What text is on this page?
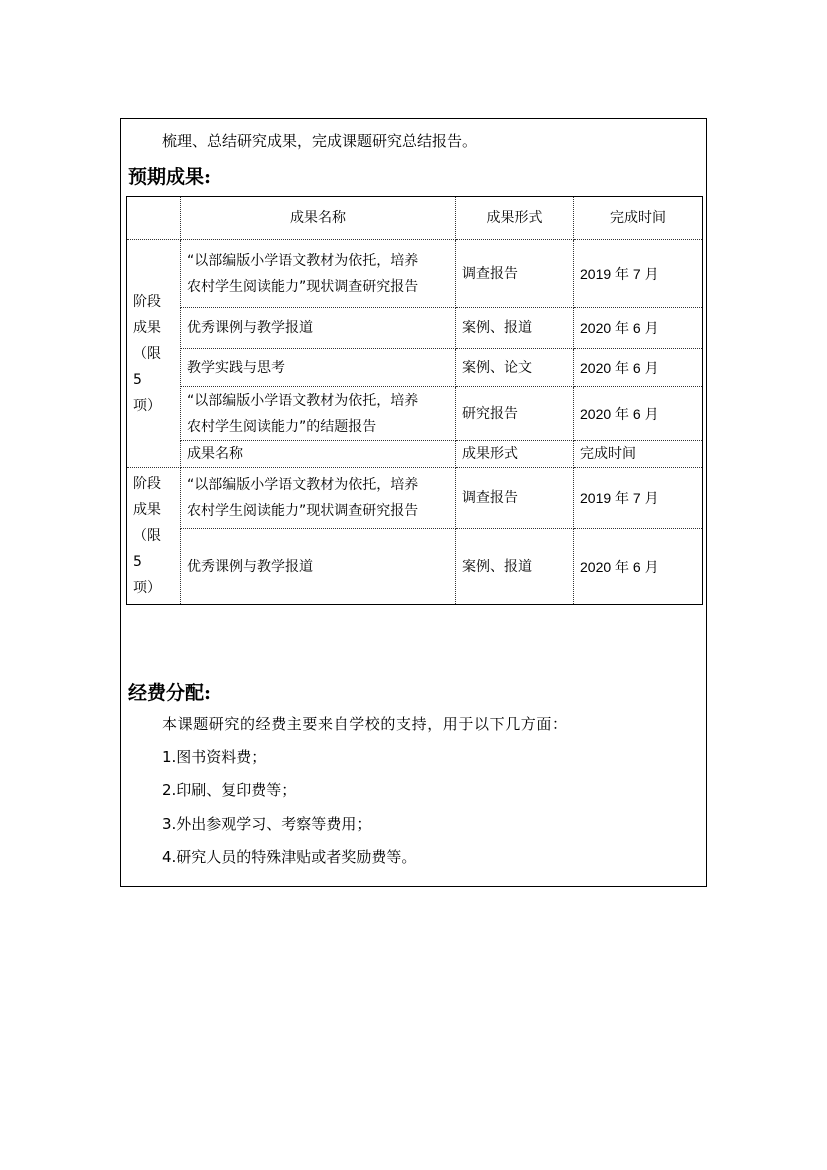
梳理、总结研究成果，完成课题研究总结报告。
预期成果:
	成果名称	成果形式	完成时间
阶段
成果
（限
5
项）	“以部编版小学语文教材为依托，培养
农村学生阅读能力”现状调查研究报告	调查报告	2019 年 7 月
	优秀课例与教学报道	案例、报道	2020 年 6 月
	教学实践与思考	案例、论文	2020 年 6 月
	“以部编版小学语文教材为依托，培养
农村学生阅读能力”的结题报告	研究报告	2020 年 6 月
	成果名称	成果形式	完成时间
阶段
成果
（限
5
项）	“以部编版小学语文教材为依托，培养
农村学生阅读能力”现状调查研究报告	调查报告	2019 年 7 月
	优秀课例与教学报道	案例、报道	2020 年 6 月
经费分配:
本课题研究的经费主要来自学校的支持，用于以下几方面：
1.图书资料费；
2.印刷、复印费等；
3.外出参观学习、考察等费用；
4.研究人员的特殊津贴或者奖励费等。
